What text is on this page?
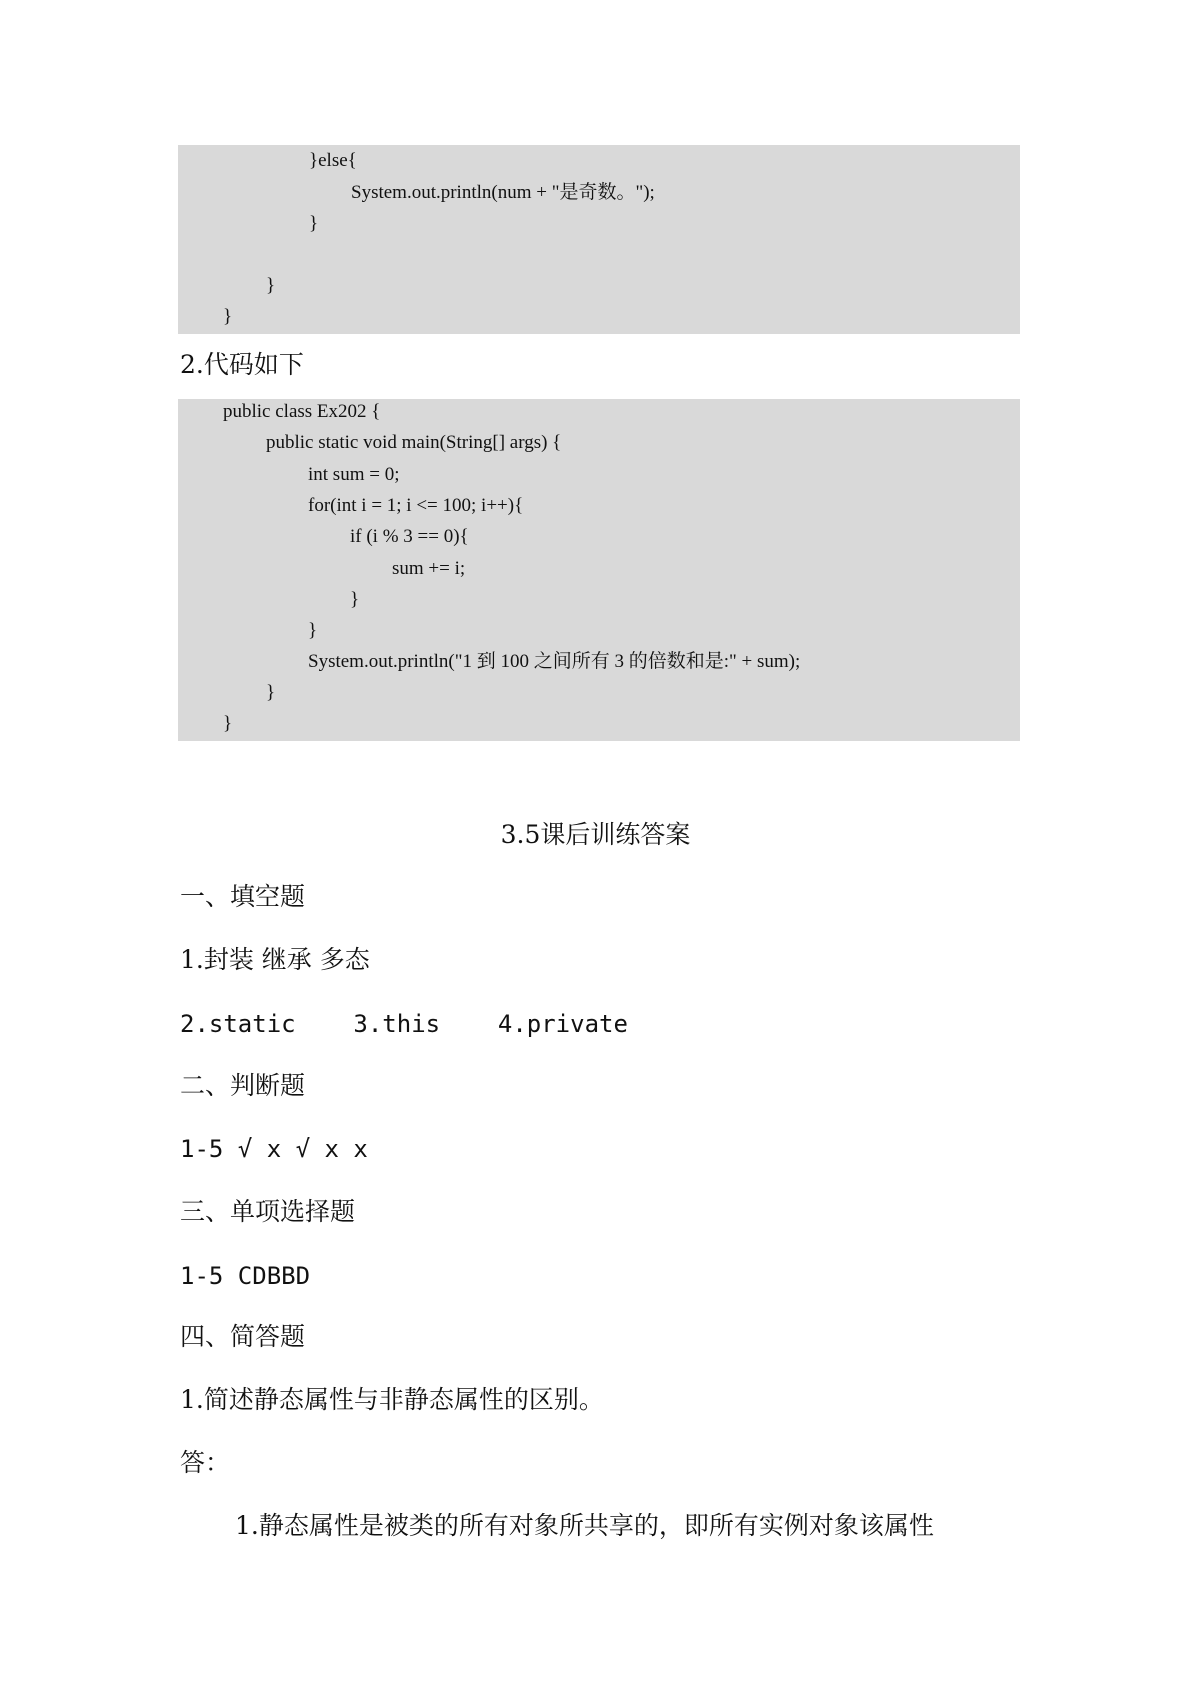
}else{
System.out.println(num + "是奇数。");
}
}
}
2.代码如下
public class Ex202 {
public static void main(String[] args) {
int sum = 0;
for(int i = 1; i <= 100; i++){
if (i % 3 == 0){
sum += i;
}
}
System.out.println("1 到 100 之间所有 3 的倍数和是:" + sum);
}
}
3.5课后训练答案
一、填空题
1.封装 继承 多态
2.static    3.this    4.private
二、判断题
1-5 √ x √ x x
三、单项选择题
1-5 CDBBD
四、简答题
1.简述静态属性与非静态属性的区别。
答：
1.静态属性是被类的所有对象所共享的，即所有实例对象该属性
